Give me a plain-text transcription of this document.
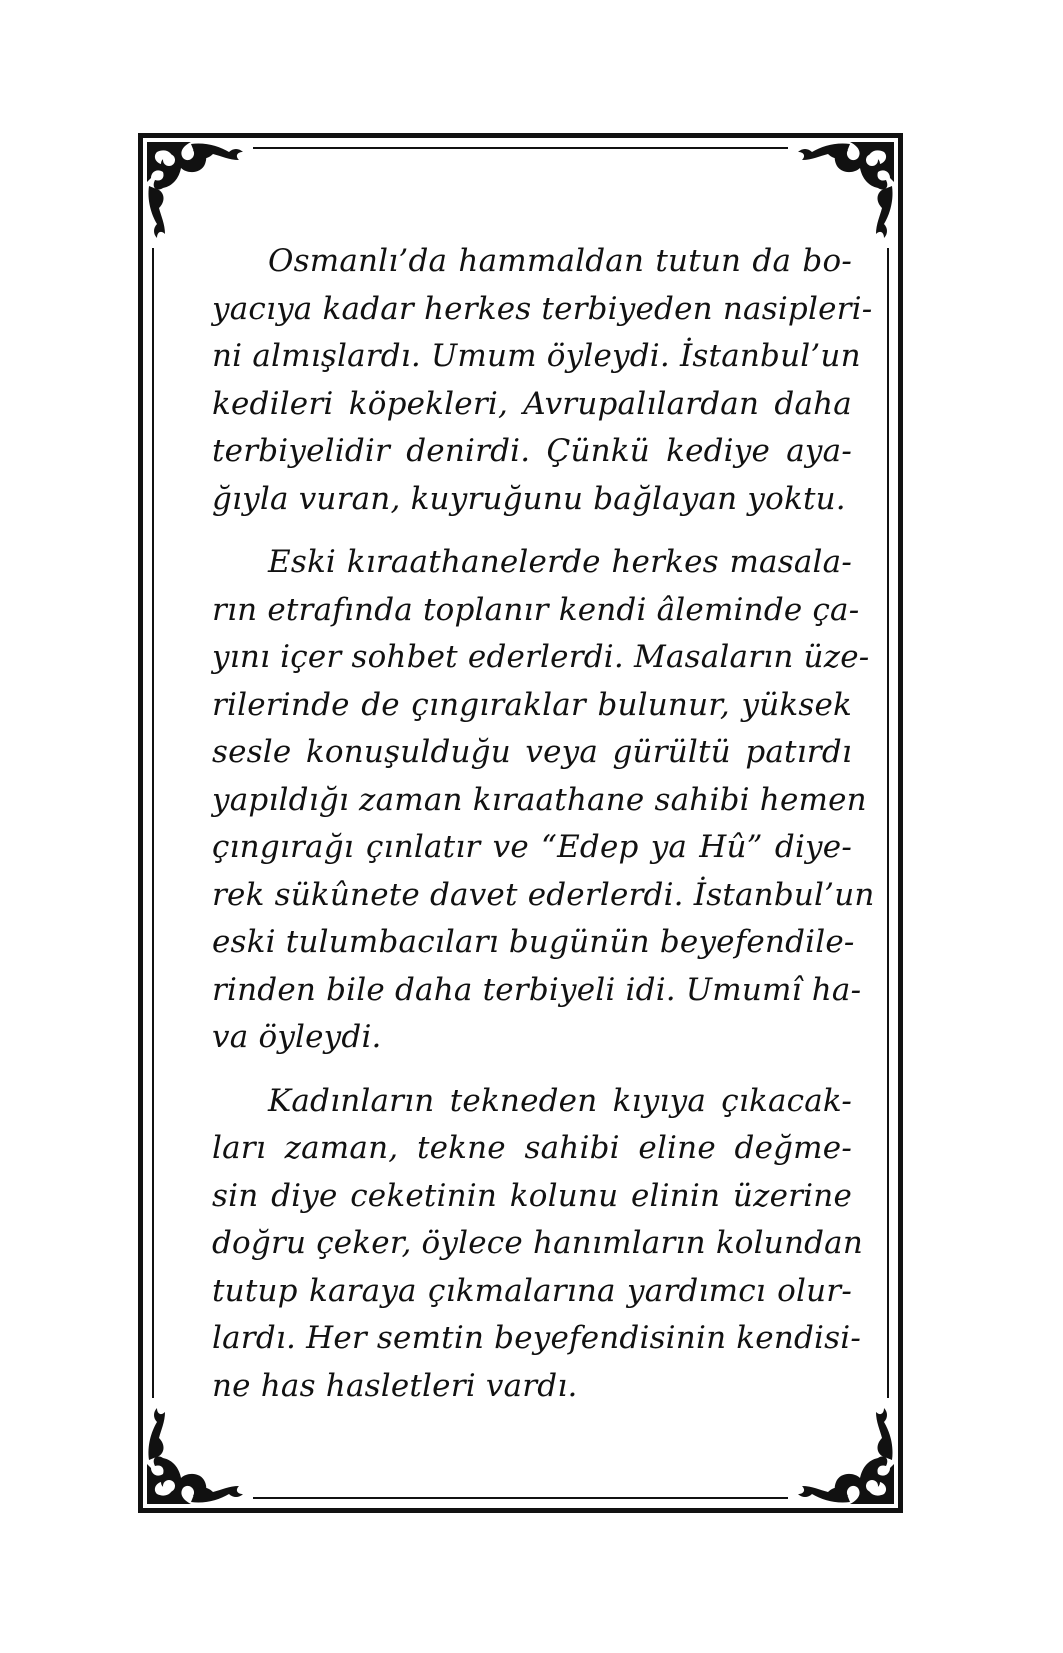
Osmanlı’da hammaldan tutun da bo-
yacıya kadar herkes terbiyeden nasipleri-
ni almışlardı. Umum öyleydi. İstanbul’un
kedileri köpekleri, Avrupalılardan daha
terbiyelidir denirdi. Çünkü kediye aya-
ğıyla vuran, kuyruğunu bağlayan yoktu.

Eski kıraathanelerde herkes masala-
rın etrafında toplanır kendi âleminde ça-
yını içer sohbet ederlerdi. Masaların üze-
rilerinde de çıngıraklar bulunur, yüksek
sesle konuşulduğu veya gürültü patırdı
yapıldığı zaman kıraathane sahibi hemen
çıngırağı çınlatır ve “Edep ya Hû” diye-
rek sükûnete davet ederlerdi. İstanbul’un
eski tulumbacıları bugünün beyefendile-
rinden bile daha terbiyeli idi. Umumî ha-
va öyleydi.

Kadınların tekneden kıyıya çıkacak-
ları zaman, tekne sahibi eline değme-
sin diye ceketinin kolunu elinin üzerine
doğru çeker, öylece hanımların kolundan
tutup karaya çıkmalarına yardımcı olur-
lardı. Her semtin beyefendisinin kendisi-
ne has hasletleri vardı.
